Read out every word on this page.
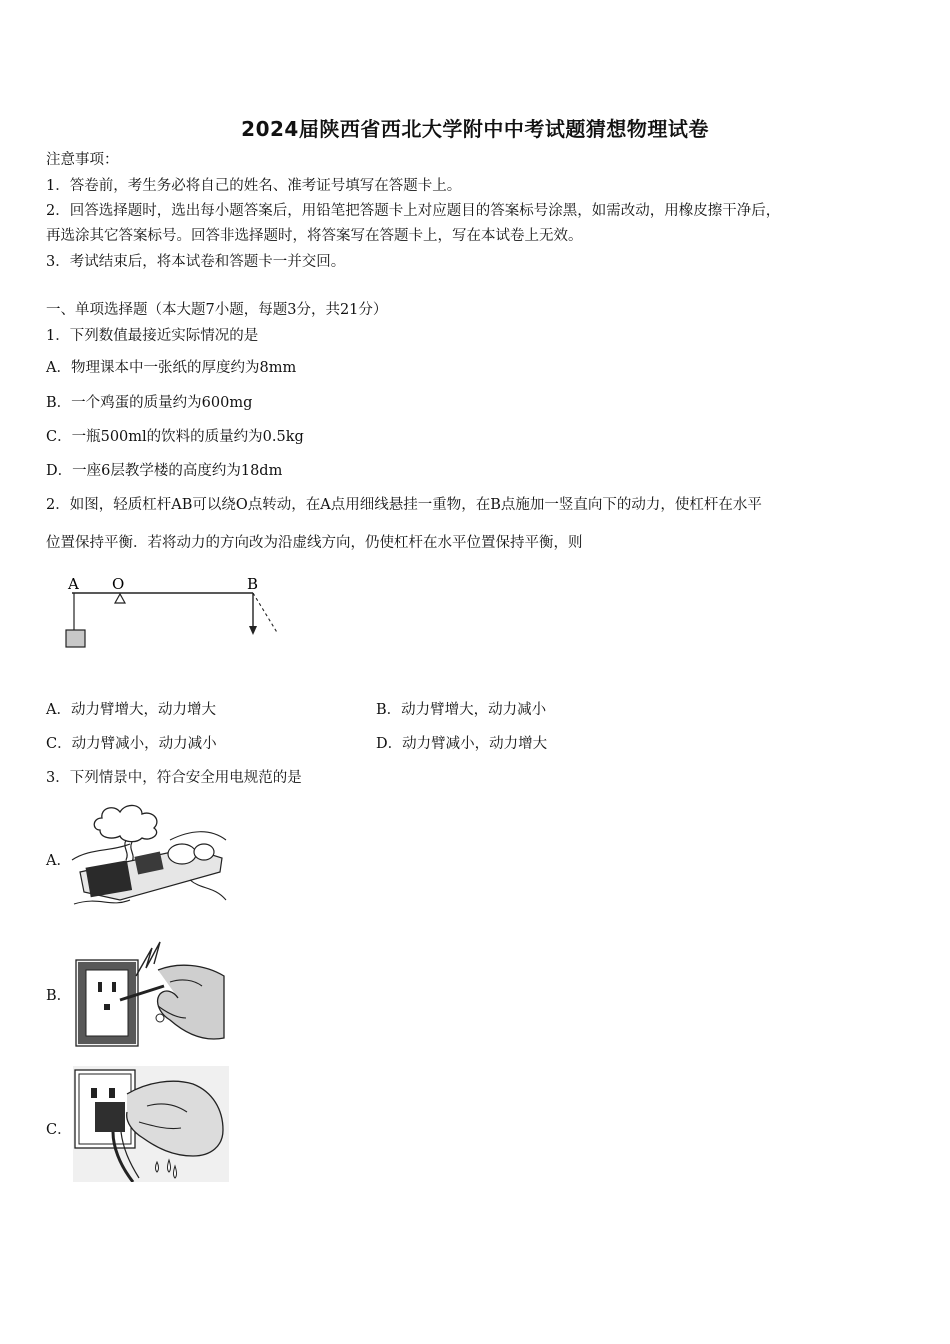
2024届陕西省西北大学附中中考试题猜想物理试卷
注意事项：
1．答卷前，考生务必将自己的姓名、准考证号填写在答题卡上。
2．回答选择题时，选出每小题答案后，用铅笔把答题卡上对应题目的答案标号涂黑，如需改动，用橡皮擦干净后，
再选涂其它答案标号。回答非选择题时，将答案写在答题卡上，写在本试卷上无效。
3．考试结束后，将本试卷和答题卡一并交回。
一、单项选择题（本大题7小题，每题3分，共21分）
1．下列数值最接近实际情况的是
A．物理课本中一张纸的厚度约为8mm
B．一个鸡蛋的质量约为600mg
C．一瓶500ml的饮料的质量约为0.5kg
D．一座6层教学楼的高度约为18dm
2．如图，轻质杠杆AB可以绕O点转动，在A点用细线悬挂一重物，在B点施加一竖直向下的动力，使杠杆在水平
位置保持平衡．若将动力的方向改为沿虚线方向，仍使杠杆在水平位置保持平衡，则
A O	B
A．动力臂增大，动力增大	B．动力臂增大，动力减小
C．动力臂减小，动力减小	D．动力臂减小，动力增大
3．下列情景中，符合安全用电规范的是
A．
B．
C．
